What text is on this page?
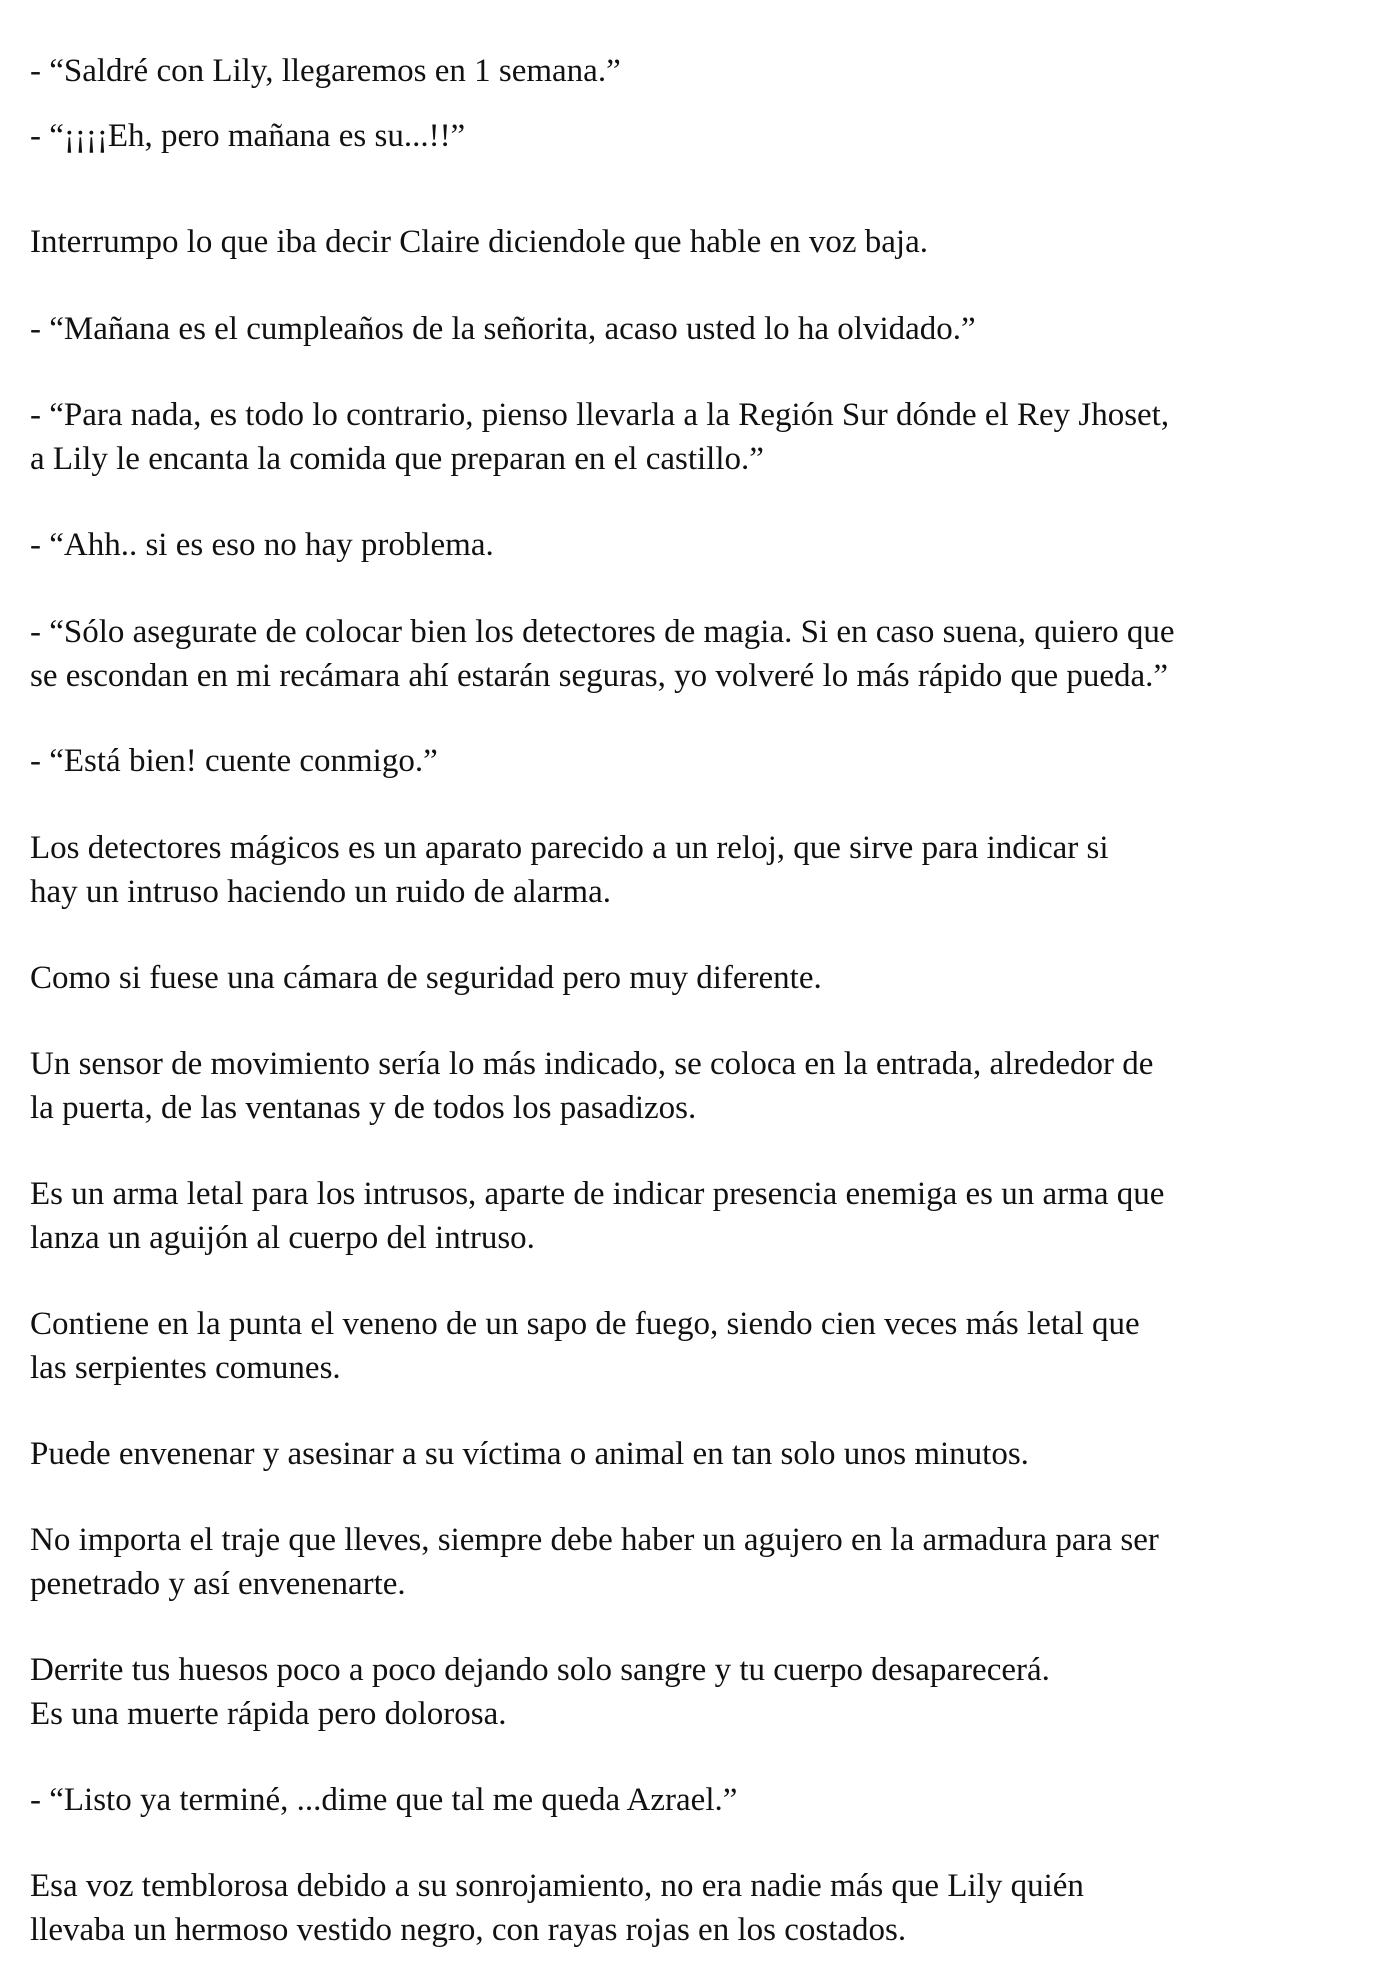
- “Saldré con Lily, llegaremos en 1 semana.”

- “¡¡¡¡Eh, pero mañana es su...!!”

Interrumpo lo que iba decir Claire diciendole que hable en voz baja.

- “Mañana es el cumpleaños de la señorita, acaso usted lo ha olvidado.”

- “Para nada, es todo lo contrario, pienso llevarla a la Región Sur dónde el Rey Jhoset,
a Lily le encanta la comida que preparan en el castillo.”

- “Ahh.. si es eso no hay problema.

- “Sólo asegurate de colocar bien los detectores de magia. Si en caso suena, quiero que
se escondan en mi recámara ahí estarán seguras, yo volveré lo más rápido que pueda.”

- “Está bien! cuente conmigo.”

Los detectores mágicos es un aparato parecido a un reloj, que sirve para indicar si
hay un intruso haciendo un ruido de alarma.

Como si fuese una cámara de seguridad pero muy diferente.

Un sensor de movimiento sería lo más indicado, se coloca en la entrada, alrededor de
la puerta, de las ventanas y de todos los pasadizos.

Es un arma letal para los intrusos, aparte de indicar presencia enemiga es un arma que
lanza un aguijón al cuerpo del intruso.

Contiene en la punta el veneno de un sapo de fuego, siendo cien veces más letal que
las serpientes comunes.

Puede envenenar y asesinar a su víctima o animal en tan solo unos minutos.

No importa el traje que lleves, siempre debe haber un agujero en la armadura para ser
penetrado y así envenenarte.

Derrite tus huesos poco a poco dejando solo sangre y tu cuerpo desaparecerá.
Es una muerte rápida pero dolorosa.

- “Listo ya terminé, ...dime que tal me queda Azrael.”

Esa voz temblorosa debido a su sonrojamiento, no era nadie más que Lily quién
llevaba un hermoso vestido negro, con rayas rojas en los costados.
